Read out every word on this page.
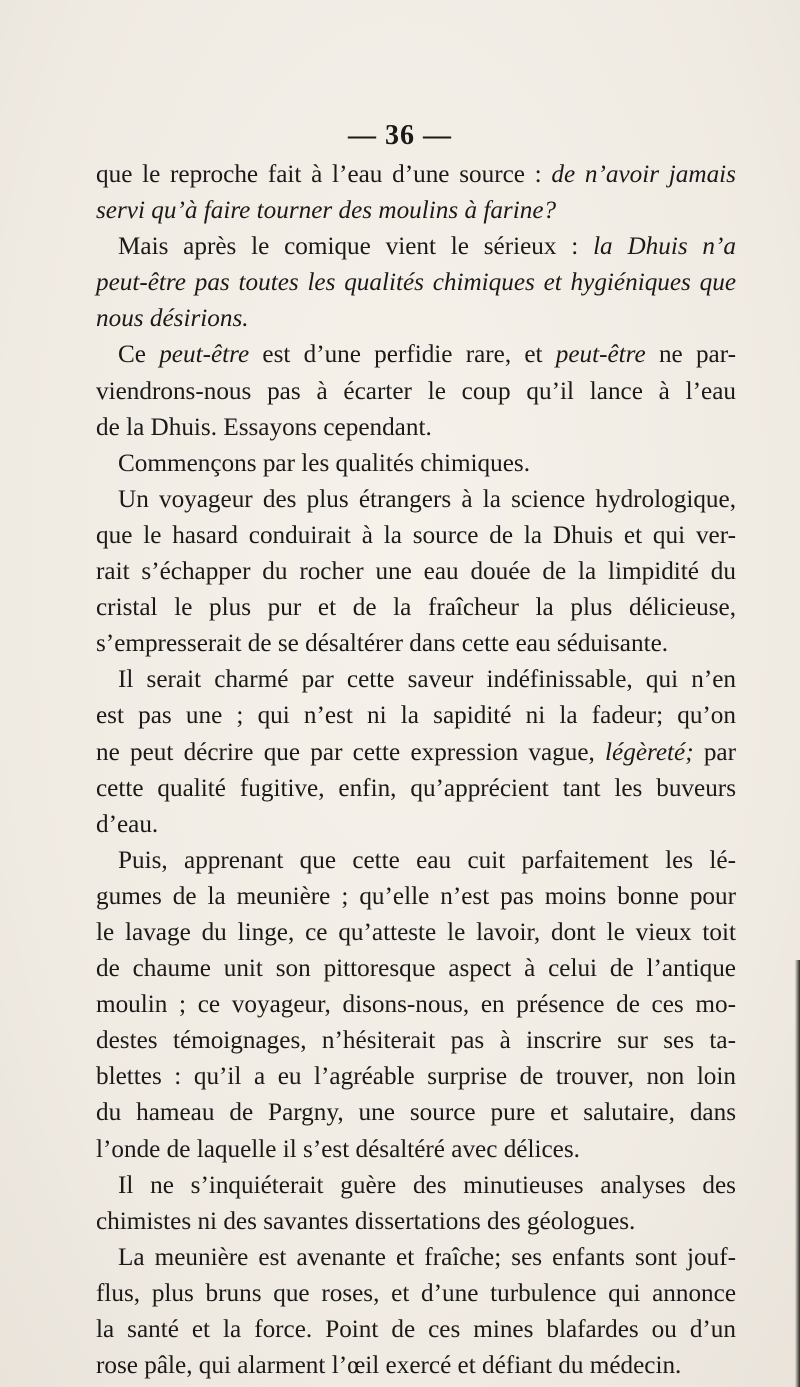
— 36 —
que le reproche fait à l’eau d’une source : de n’avoir jamais
servi qu’à faire tourner des moulins à farine?
Mais après le comique vient le sérieux : la Dhuis n’a
peut-être pas toutes les qualités chimiques et hygiéniques que
nous désirions.
Ce peut-être est d’une perfidie rare, et peut-être ne par-
viendrons-nous pas à écarter le coup qu’il lance à l’eau
de la Dhuis. Essayons cependant.
Commençons par les qualités chimiques.
Un voyageur des plus étrangers à la science hydrologique,
que le hasard conduirait à la source de la Dhuis et qui ver-
rait s’échapper du rocher une eau douée de la limpidité du
cristal le plus pur et de la fraîcheur la plus délicieuse,
s’empresserait de se désaltérer dans cette eau séduisante.
Il serait charmé par cette saveur indéfinissable, qui n’en
est pas une ; qui n’est ni la sapidité ni la fadeur; qu’on
ne peut décrire que par cette expression vague, légèreté; par
cette qualité fugitive, enfin, qu’apprécient tant les buveurs
d’eau.
Puis, apprenant que cette eau cuit parfaitement les lé-
gumes de la meunière ; qu’elle n’est pas moins bonne pour
le lavage du linge, ce qu’atteste le lavoir, dont le vieux toit
de chaume unit son pittoresque aspect à celui de l’antique
moulin ; ce voyageur, disons-nous, en présence de ces mo-
destes témoignages, n’hésiterait pas à inscrire sur ses ta-
blettes : qu’il a eu l’agréable surprise de trouver, non loin
du hameau de Pargny, une source pure et salutaire, dans
l’onde de laquelle il s’est désaltéré avec délices.
Il ne s’inquiéterait guère des minutieuses analyses des
chimistes ni des savantes dissertations des géologues.
La meunière est avenante et fraîche; ses enfants sont jouf-
flus, plus bruns que roses, et d’une turbulence qui annonce
la santé et la force. Point de ces mines blafardes ou d’un
rose pâle, qui alarment l’œil exercé et défiant du médecin.
